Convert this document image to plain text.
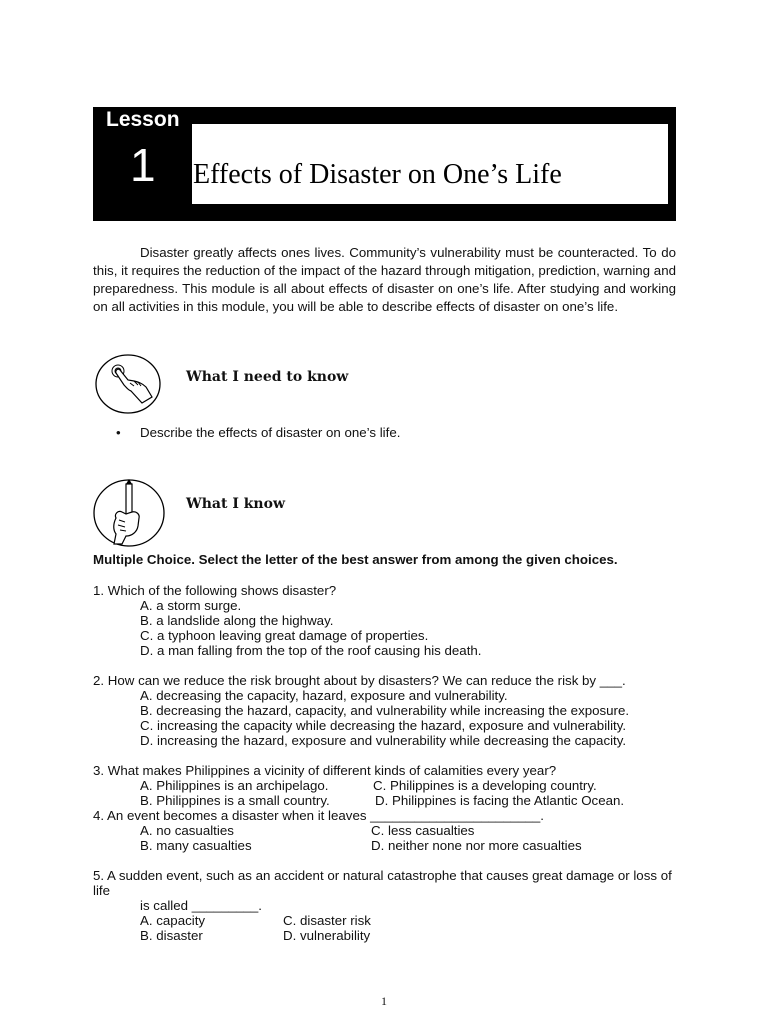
Lesson
1 Effects of Disaster on One’s Life

Disaster greatly affects ones lives. Community’s vulnerability must be counteracted. To do this, it requires the reduction of the impact of the hazard through mitigation, prediction, warning and preparedness. This module is all about effects of disaster on one’s life. After studying and working on all activities in this module, you will be able to describe effects of disaster on one’s life.

What I need to know
• Describe the effects of disaster on one’s life.
What I know
Multiple Choice. Select the letter of the best answer from among the given choices.

1. Which of the following shows disaster?

A. a storm surge.

B. a landslide along the highway.

C. a typhoon leaving great damage of properties.

D. a man falling from the top of the roof causing his death.

2. How can we reduce the risk brought about by disasters? We can reduce the risk by ___.

A. decreasing the capacity, hazard, exposure and vulnerability.

B. decreasing the hazard, capacity, and vulnerability while increasing the exposure.

C. increasing the capacity while decreasing the hazard, exposure and vulnerability.

D. increasing the hazard, exposure and vulnerability while decreasing the capacity.

3. What makes Philippines a vicinity of different kinds of calamities every year?

A. Philippines is an archipelago.	C. Philippines is a developing country.
B. Philippines is a small country.	D. Philippines is facing the Atlantic Ocean.

4. An event becomes a disaster when it leaves _______________________.

A. no casualties	C. less casualties
B. many casualties	D. neither none nor more casualties

5. A sudden event, such as an accident or natural catastrophe that causes great damage or loss of life

is called _________.

A. capacity	C. disaster risk
B. disaster	D. vulnerability
1
